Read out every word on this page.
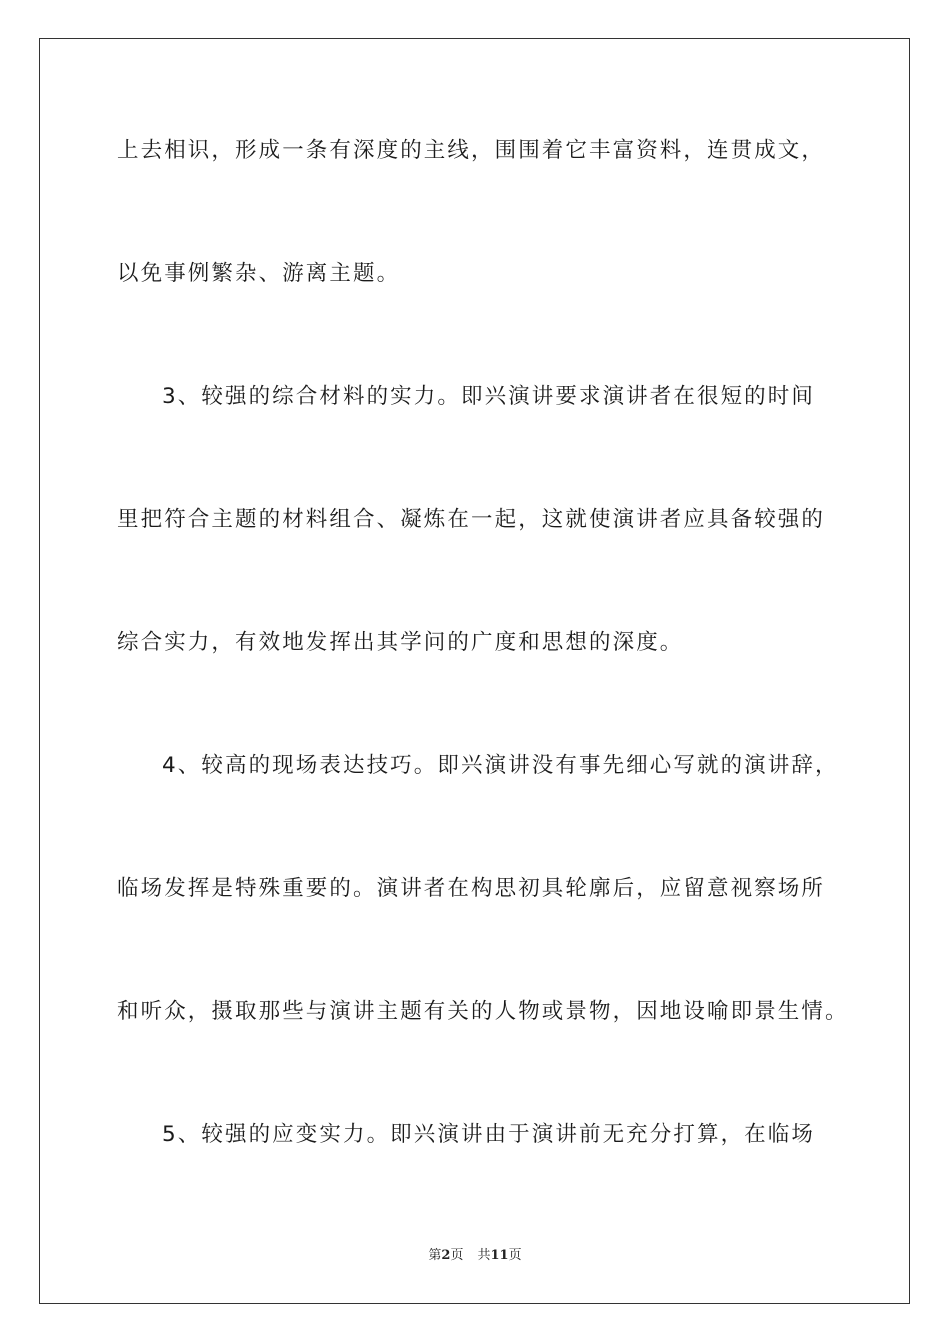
上去相识，形成一条有深度的主线，围围着它丰富资料，连贯成文，
以免事例繁杂、游离主题。
3、较强的综合材料的实力。即兴演讲要求演讲者在很短的时间
里把符合主题的材料组合、凝炼在一起，这就使演讲者应具备较强的
综合实力，有效地发挥出其学问的广度和思想的深度。
4、较高的现场表达技巧。即兴演讲没有事先细心写就的演讲辞，
临场发挥是特殊重要的。演讲者在构思初具轮廓后，应留意视察场所
和听众，摄取那些与演讲主题有关的人物或景物，因地设喻即景生情。
5、较强的应变实力。即兴演讲由于演讲前无充分打算，在临场
第2页 共11页
